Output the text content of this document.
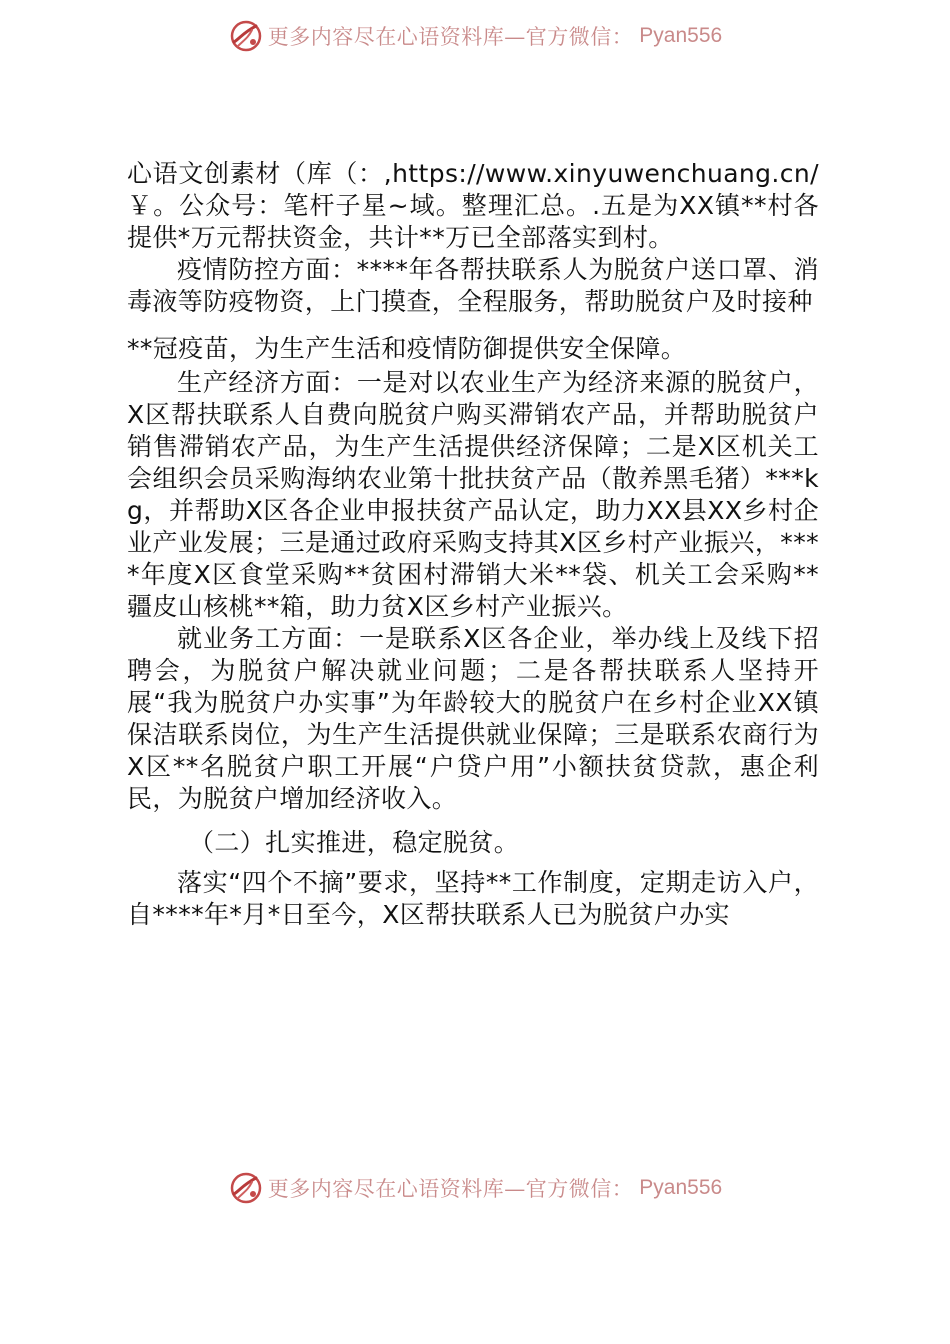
更多内容尽在心语资料库—官方微信： Pyan556

心语文创素材（库（：,https://www.xinyuwenchuang.cn/￥。公众号：笔杆子星~域。整理汇总。.五是为XX镇**村各提供*万元帮扶资金，共计**万已全部落实到村。

疫情防控方面：****年各帮扶联系人为脱贫户送口罩、消毒液等防疫物资，上门摸查，全程服务，帮助脱贫户及时接种

**冠疫苗，为生产生活和疫情防御提供安全保障。

生产经济方面：一是对以农业生产为经济来源的脱贫户，X区帮扶联系人自费向脱贫户购买滞销农产品，并帮助脱贫户销售滞销农产品，为生产生活提供经济保障；二是X区机关工会组织会员采购海纳农业第十批扶贫产品（散养黑毛猪）***kg，并帮助X区各企业申报扶贫产品认定，助力XX县XX乡村企业产业发展；三是通过政府采购支持其X区乡村产业振兴，****年度X区食堂采购**贫困村滞销大米**袋、机关工会采购**疆皮山核桃**箱，助力贫X区乡村产业振兴。

就业务工方面：一是联系X区各企业，举办线上及线下招聘会，为脱贫户解决就业问题；二是各帮扶联系人坚持开展“我为脱贫户办实事”为年龄较大的脱贫户在乡村企业XX镇保洁联系岗位，为生产生活提供就业保障；三是联系农商行为X区**名脱贫户职工开展“户贷户用”小额扶贫贷款，惠企利民，为脱贫户增加经济收入。

（二）扎实推进，稳定脱贫。

落实“四个不摘”要求，坚持**工作制度，定期走访入户，自****年*月*日至今，X区帮扶联系人已为脱贫户办实

更多内容尽在心语资料库—官方微信： Pyan556
